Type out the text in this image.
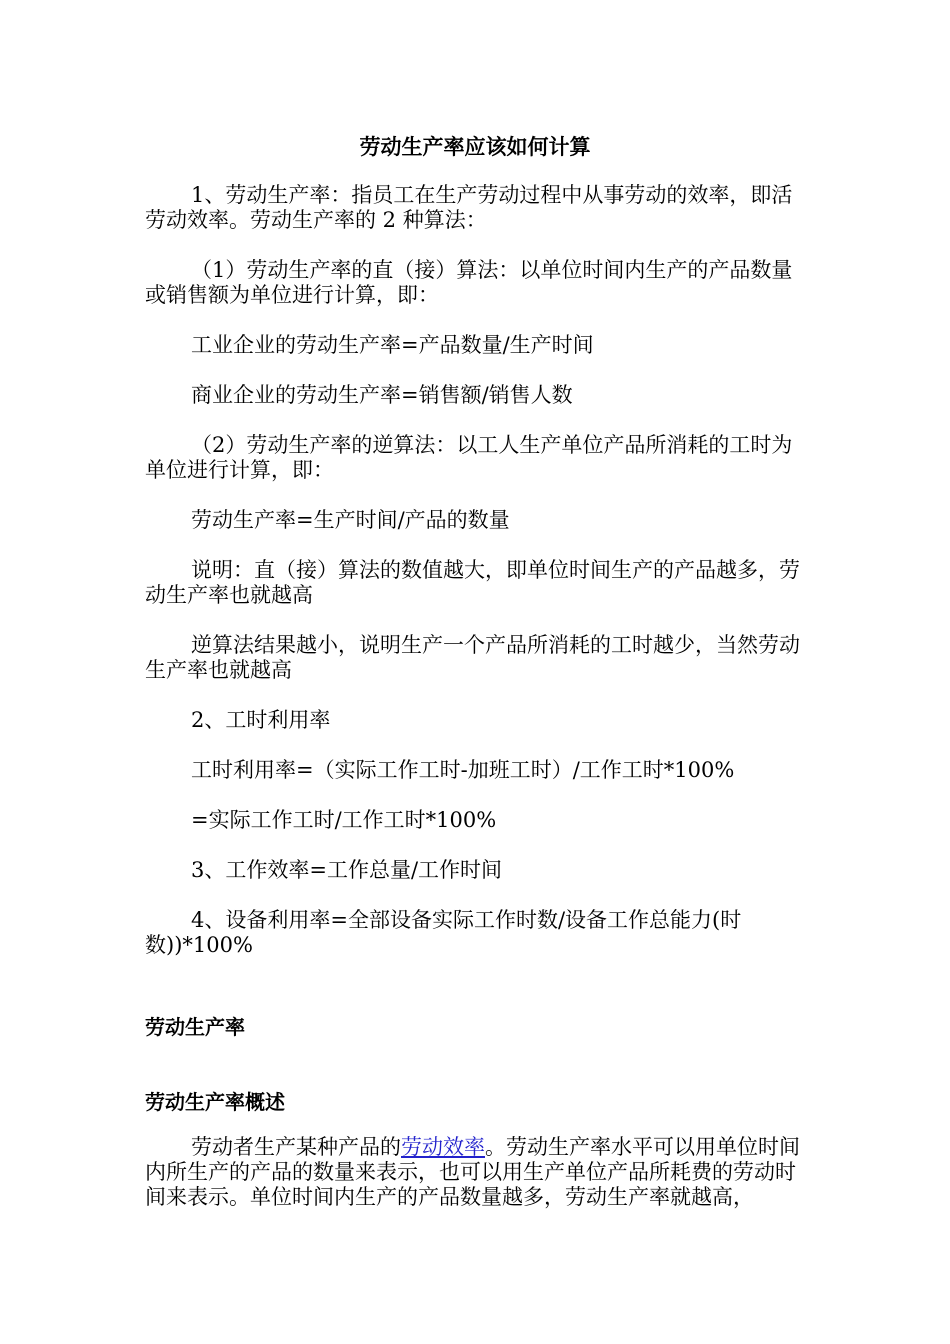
劳动生产率应该如何计算
1、劳动生产率：指员工在生产劳动过程中从事劳动的效率，即活劳动效率。劳动生产率的 2 种算法：
（1）劳动生产率的直（接）算法：以单位时间内生产的产品数量或销售额为单位进行计算，即：
工业企业的劳动生产率=产品数量/生产时间
商业企业的劳动生产率=销售额/销售人数
（2）劳动生产率的逆算法：以工人生产单位产品所消耗的工时为单位进行计算，即：
劳动生产率=生产时间/产品的数量
说明：直（接）算法的数值越大，即单位时间生产的产品越多，劳动生产率也就越高
逆算法结果越小，说明生产一个产品所消耗的工时越少，当然劳动生产率也就越高
2、工时利用率
工时利用率=（实际工作工时-加班工时）/工作工时*100%
=实际工作工时/工作工时*100%
3、工作效率=工作总量/工作时间
4、设备利用率=全部设备实际工作时数/设备工作总能力(时数))*100%
劳动生产率
劳动生产率概述
劳动者生产某种产品的劳动效率。劳动生产率水平可以用单位时间内所生产的产品的数量来表示，也可以用生产单位产品所耗费的劳动时间来表示。单位时间内生产的产品数量越多，劳动生产率就越高，
